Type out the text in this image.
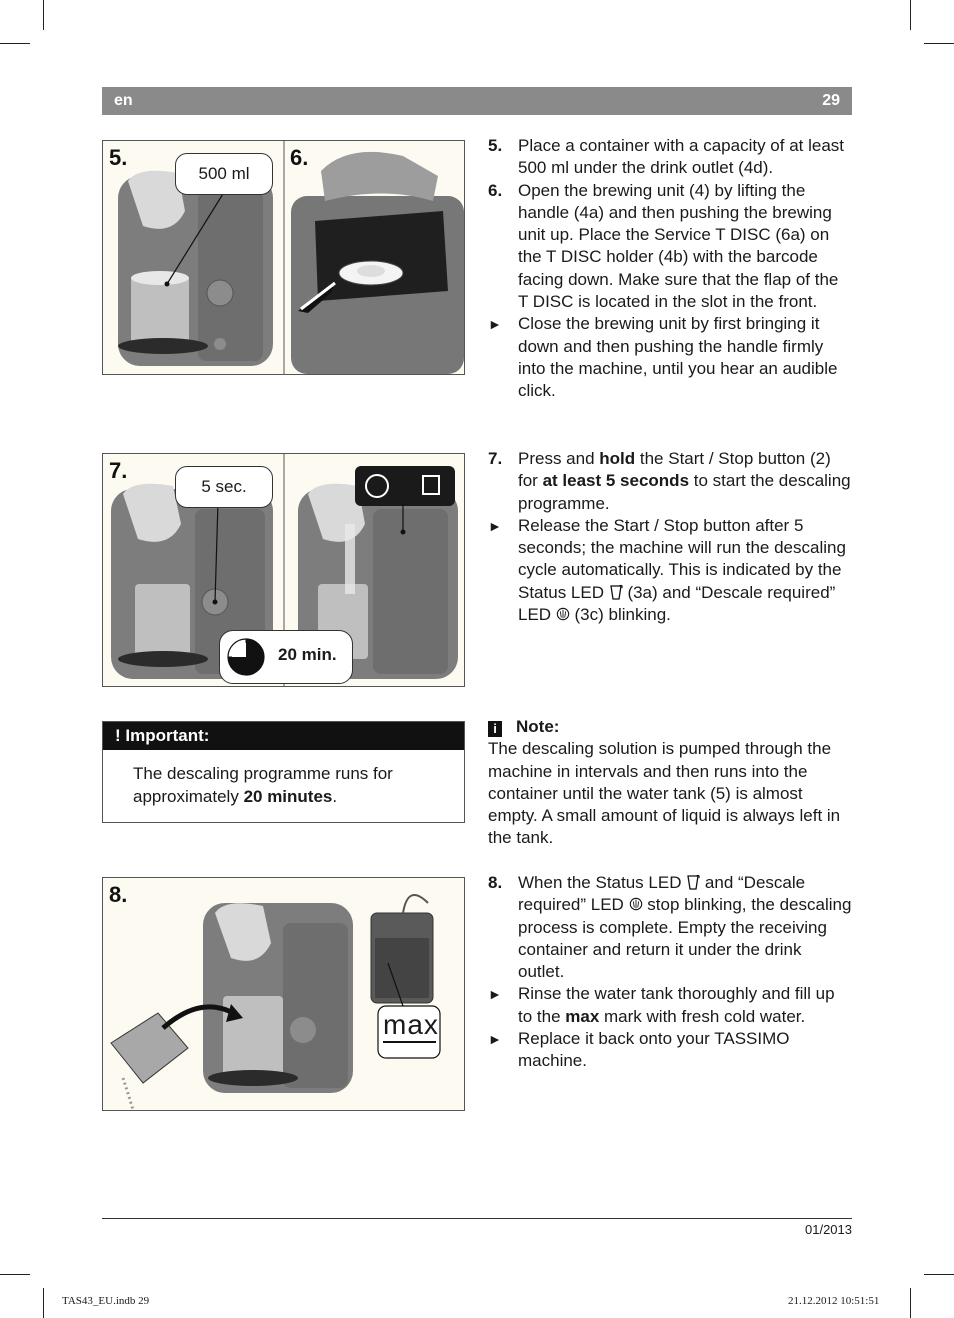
en	29
5.	6.
500 ml
7.
5 sec.
20 min.
! Important:
The descaling programme runs for approximately 20 minutes.
8.
max
5. Place a container with a capacity of at least 500 ml under the drink outlet (4d).
6. Open the brewing unit (4) by lifting the handle (4a) and then pushing the brewing unit up. Place the Service T DISC (6a) on the T DISC holder (4b) with the barcode facing down. Make sure that the flap of the T DISC is located in the slot in the front.
► Close the brewing unit by first bringing it down and then pushing the handle firmly into the machine, until you hear an audible click.
7. Press and hold the Start / Stop button (2) for at least 5 seconds to start the descaling programme.
► Release the Start / Stop button after 5 seconds; the machine will run the descaling cycle automatically. This is indicated by the Status LED  (3a) and “Descale required” LED  (3c) blinking.
i Note:
The descaling solution is pumped through the machine in intervals and then runs into the container until the water tank (5) is almost empty. A small amount of liquid is always left in the tank.
8. When the Status LED  and “Descale required” LED  stop blinking, the descaling process is complete. Empty the receiving container and return it under the drink outlet.
► Rinse the water tank thoroughly and fill up to the max mark with fresh cold water.
► Replace it back onto your TASSIMO machine.
01/2013
TAS43_EU.indb 29	21.12.2012 10:51:51
